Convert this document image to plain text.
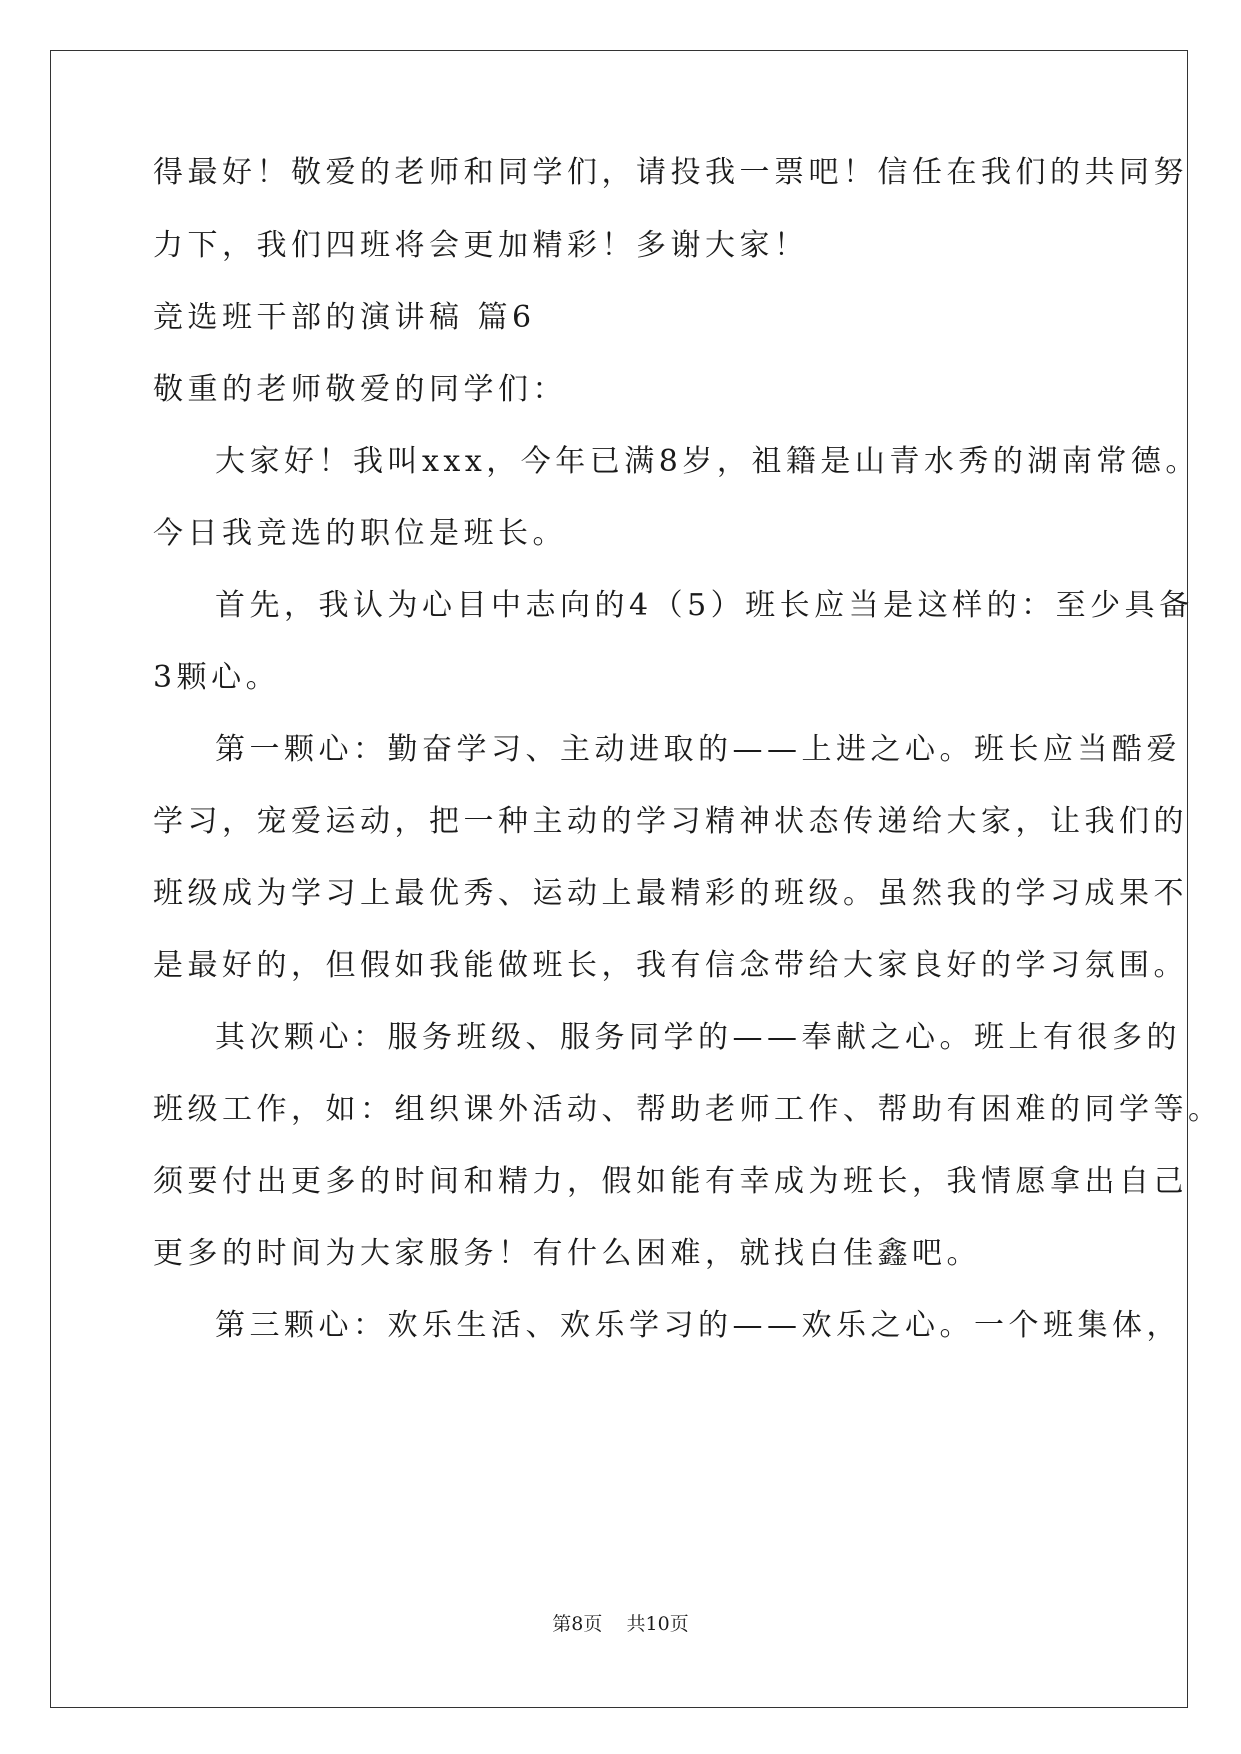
得最好！敬爱的老师和同学们，请投我一票吧！信任在我们的共同努
力下，我们四班将会更加精彩！多谢大家！
竞选班干部的演讲稿 篇6
敬重的老师敬爱的同学们：
大家好！我叫xxx，今年已满8岁，祖籍是山青水秀的湖南常德。
今日我竞选的职位是班长。
首先，我认为心目中志向的4（5）班长应当是这样的：至少具备
3颗心。
第一颗心：勤奋学习、主动进取的——上进之心。班长应当酷爱
学习，宠爱运动，把一种主动的学习精神状态传递给大家，让我们的
班级成为学习上最优秀、运动上最精彩的班级。虽然我的学习成果不
是最好的，但假如我能做班长，我有信念带给大家良好的学习氛围。
其次颗心：服务班级、服务同学的——奉献之心。班上有很多的
班级工作，如：组织课外活动、帮助老师工作、帮助有困难的同学等。
须要付出更多的时间和精力，假如能有幸成为班长，我情愿拿出自己
更多的时间为大家服务！有什么困难，就找白佳鑫吧。
第三颗心：欢乐生活、欢乐学习的——欢乐之心。一个班集体，
第8页 共10页
